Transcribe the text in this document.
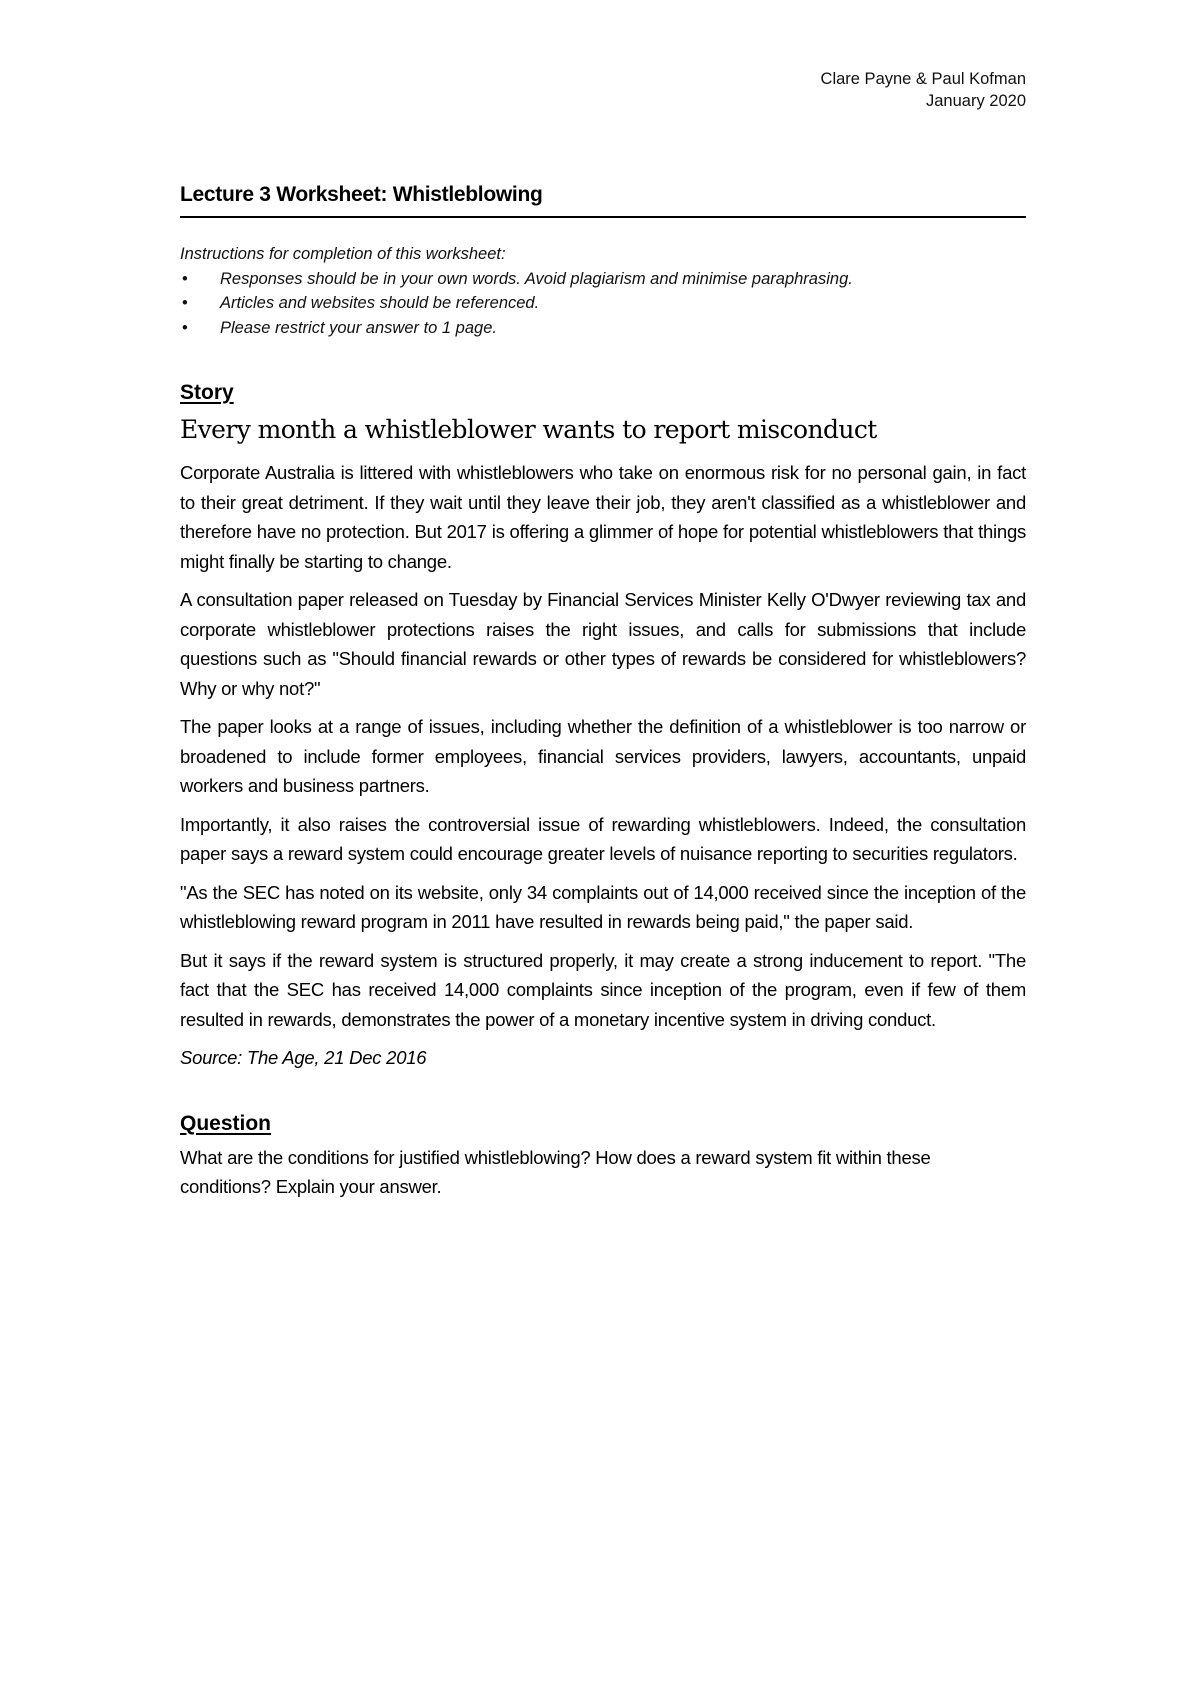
Clare Payne & Paul Kofman
January 2020
Lecture 3 Worksheet: Whistleblowing
Instructions for completion of this worksheet:
• Responses should be in your own words. Avoid plagiarism and minimise paraphrasing.
• Articles and websites should be referenced.
• Please restrict your answer to 1 page.
Story
Every month a whistleblower wants to report misconduct

Corporate Australia is littered with whistleblowers who take on enormous risk for no personal gain, in fact to their great detriment. If they wait until they leave their job, they aren't classified as a whistleblower and therefore have no protection. But 2017 is offering a glimmer of hope for potential whistleblowers that things might finally be starting to change.

A consultation paper released on Tuesday by Financial Services Minister Kelly O'Dwyer reviewing tax and corporate whistleblower protections raises the right issues, and calls for submissions that include questions such as "Should financial rewards or other types of rewards be considered for whistleblowers? Why or why not?"

The paper looks at a range of issues, including whether the definition of a whistleblower is too narrow or broadened to include former employees, financial services providers, lawyers, accountants, unpaid workers and business partners.

Importantly, it also raises the controversial issue of rewarding whistleblowers. Indeed, the consultation paper says a reward system could encourage greater levels of nuisance reporting to securities regulators.

"As the SEC has noted on its website, only 34 complaints out of 14,000 received since the inception of the whistleblowing reward program in 2011 have resulted in rewards being paid," the paper said.

But it says if the reward system is structured properly, it may create a strong inducement to report. "The fact that the SEC has received 14,000 complaints since inception of the program, even if few of them resulted in rewards, demonstrates the power of a monetary incentive system in driving conduct.

Source: The Age, 21 Dec 2016

Question

What are the conditions for justified whistleblowing? How does a reward system fit within these conditions? Explain your answer.
